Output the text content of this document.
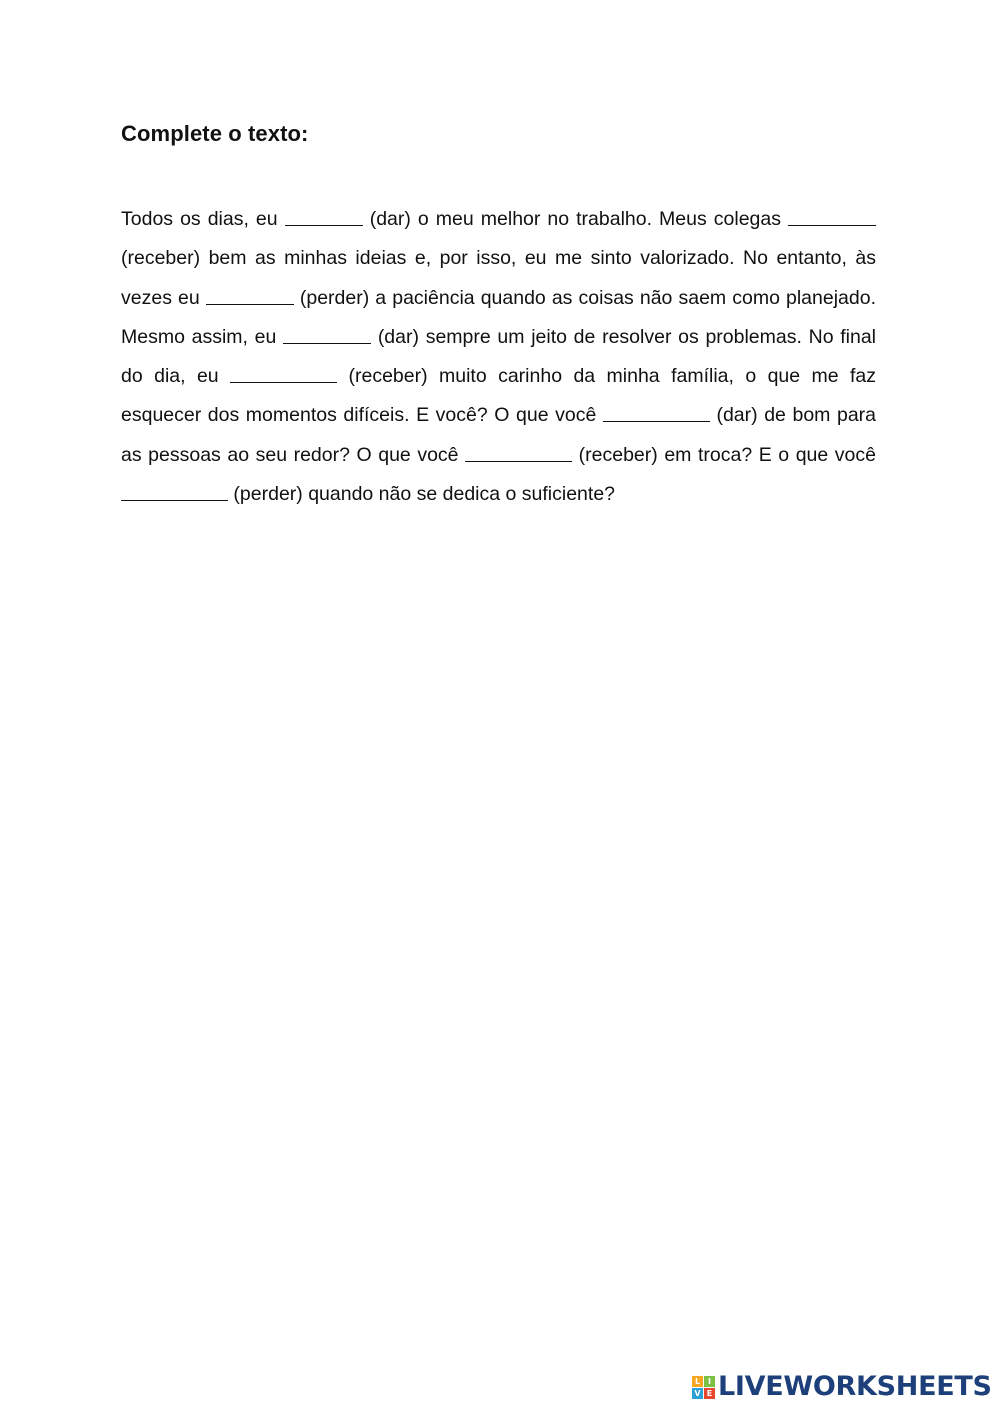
Complete o texto:

Todos os dias, eu	(dar) o meu melhor no trabalho. Meus colegas  (receber) bem as minhas ideias e, por isso, eu me sinto valorizado. No entanto, às vezes eu	(perder) a paciência quando as coisas não saem como planejado. Mesmo assim, eu	(dar) sempre um jeito de resolver os problemas. No final do dia, eu	(receber) muito carinho da minha família, o que me faz esquecer dos momentos difíceis. E você? O que você	(dar) de bom para as pessoas ao seu redor? O que você	(receber) em troca? E o que você  (perder) quando não se dedica o suficiente?

L I
V E LIVEWORKSHEETS
